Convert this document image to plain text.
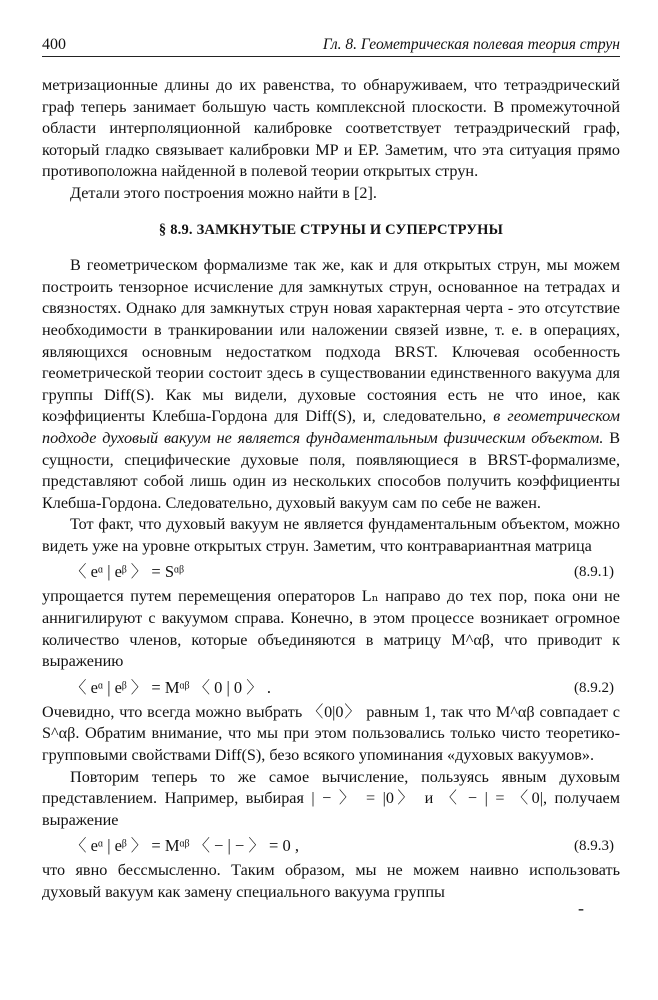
400	Гл. 8. Геометрическая полевая теория струн

метризационные длины до их равенства, то обнаруживаем, что тетраэдрический граф теперь занимает большую часть комплексной плоскости. В промежуточной области интерполяционной калибровке соответствует тетраэдрический граф, который гладко связывает калибровки MP и EP. Заметим, что эта ситуация прямо противоположна найденной в полевой теории открытых струн.

Детали этого построения можно найти в [2].

§ 8.9. ЗАМКНУТЫЕ СТРУНЫ И СУПЕРСТРУНЫ

В геометрическом формализме так же, как и для открытых струн, мы можем построить тензорное исчисление для замкнутых струн, основанное на тетрадах и связностях. Однако для замкнутых струн новая характерная черта - это отсутствие необходимости в транкировании или наложении связей извне, т. е. в операциях, являющихся основным недостатком подхода BRST. Ключевая особенность геометрической теории состоит здесь в существовании единственного вакуума для группы Diff(S). Как мы видели, духовые состояния есть не что иное, как коэффициенты Клебша-Гордона для Diff(S), и, следовательно, в геометрическом подходе духовый вакуум не является фундаментальным физическим объектом. В сущности, специфические духовые поля, появляющиеся в BRST-формализме, представляют собой лишь один из нескольких способов получить коэффициенты Клебша-Гордона. Следовательно, духовый вакуум сам по себе не важен.

Тот факт, что духовый вакуум не является фундаментальным объектом, можно видеть уже на уровне открытых струн. Заметим, что контравариантная матрица

〈 eᵅ | eᵝ 〉 = Sᵅᵝ	(8.9.1)

упрощается путем перемещения операторов Lₙ направо до тех пор, пока они не аннигилируют с вакуумом справа. Конечно, в этом процессе возникает огромное количество членов, которые объединяются в матрицу M^αβ, что приводит к выражению

〈 eᵅ | eᵝ 〉 = Mᵅᵝ 〈 0 | 0 〉 .	(8.9.2)

Очевидно, что всегда можно выбрать 〈0|0〉 равным 1, так что M^αβ совпадает с S^αβ. Обратим внимание, что мы при этом пользовались только чисто теоретико-групповыми свойствами Diff(S), безо всякого упоминания «духовых вакуумов».

Повторим теперь то же самое вычисление, пользуясь явным духовым представлением. Например, выбирая | − 〉 = |0〉 и 〈 − | = 〈0|, получаем выражение

〈 eᵅ | eᵝ 〉 = Mᵅᵝ 〈 − | − 〉 = 0 ,	(8.9.3)

что явно бессмысленно. Таким образом, мы не можем наивно использовать духовый вакуум как замену специального вакуума группы

-
